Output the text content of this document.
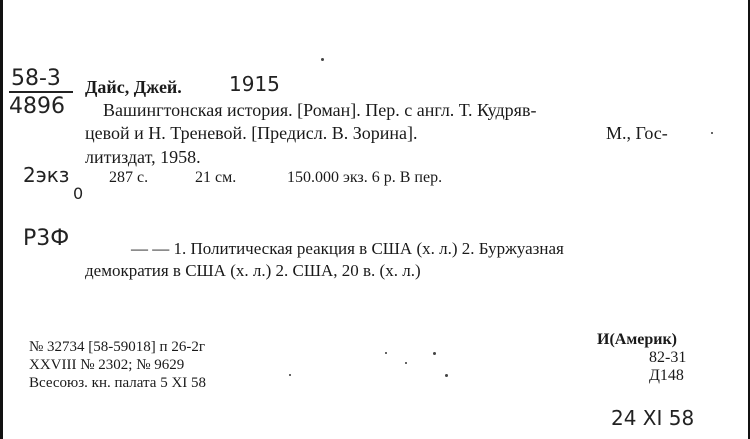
58-3
4896
Дайс, Джей. 1915
Вашингтонская история. [Роман]. Пер. с англ. Т. Кудряв-
цевой и Н. Треневой. [Предисл. В. Зорина].	М., Гос-
литиздат, 1958.
2экз
0
287 с.	21 см.	150.000 экз. 6 р. В пер.
Р3Ф	— — 1. Политическая реакция в США (х. л.) 2. Буржуазная
демократия в США (х. л.) 2. США, 20 в. (х. л.)
№ 32734 [58-59018] п 26-2г
XXVIII № 2302; № 9629
Всесоюз. кн. палата 5 XI 58
И(Америк)
82-31
Д148
24 XI 58
